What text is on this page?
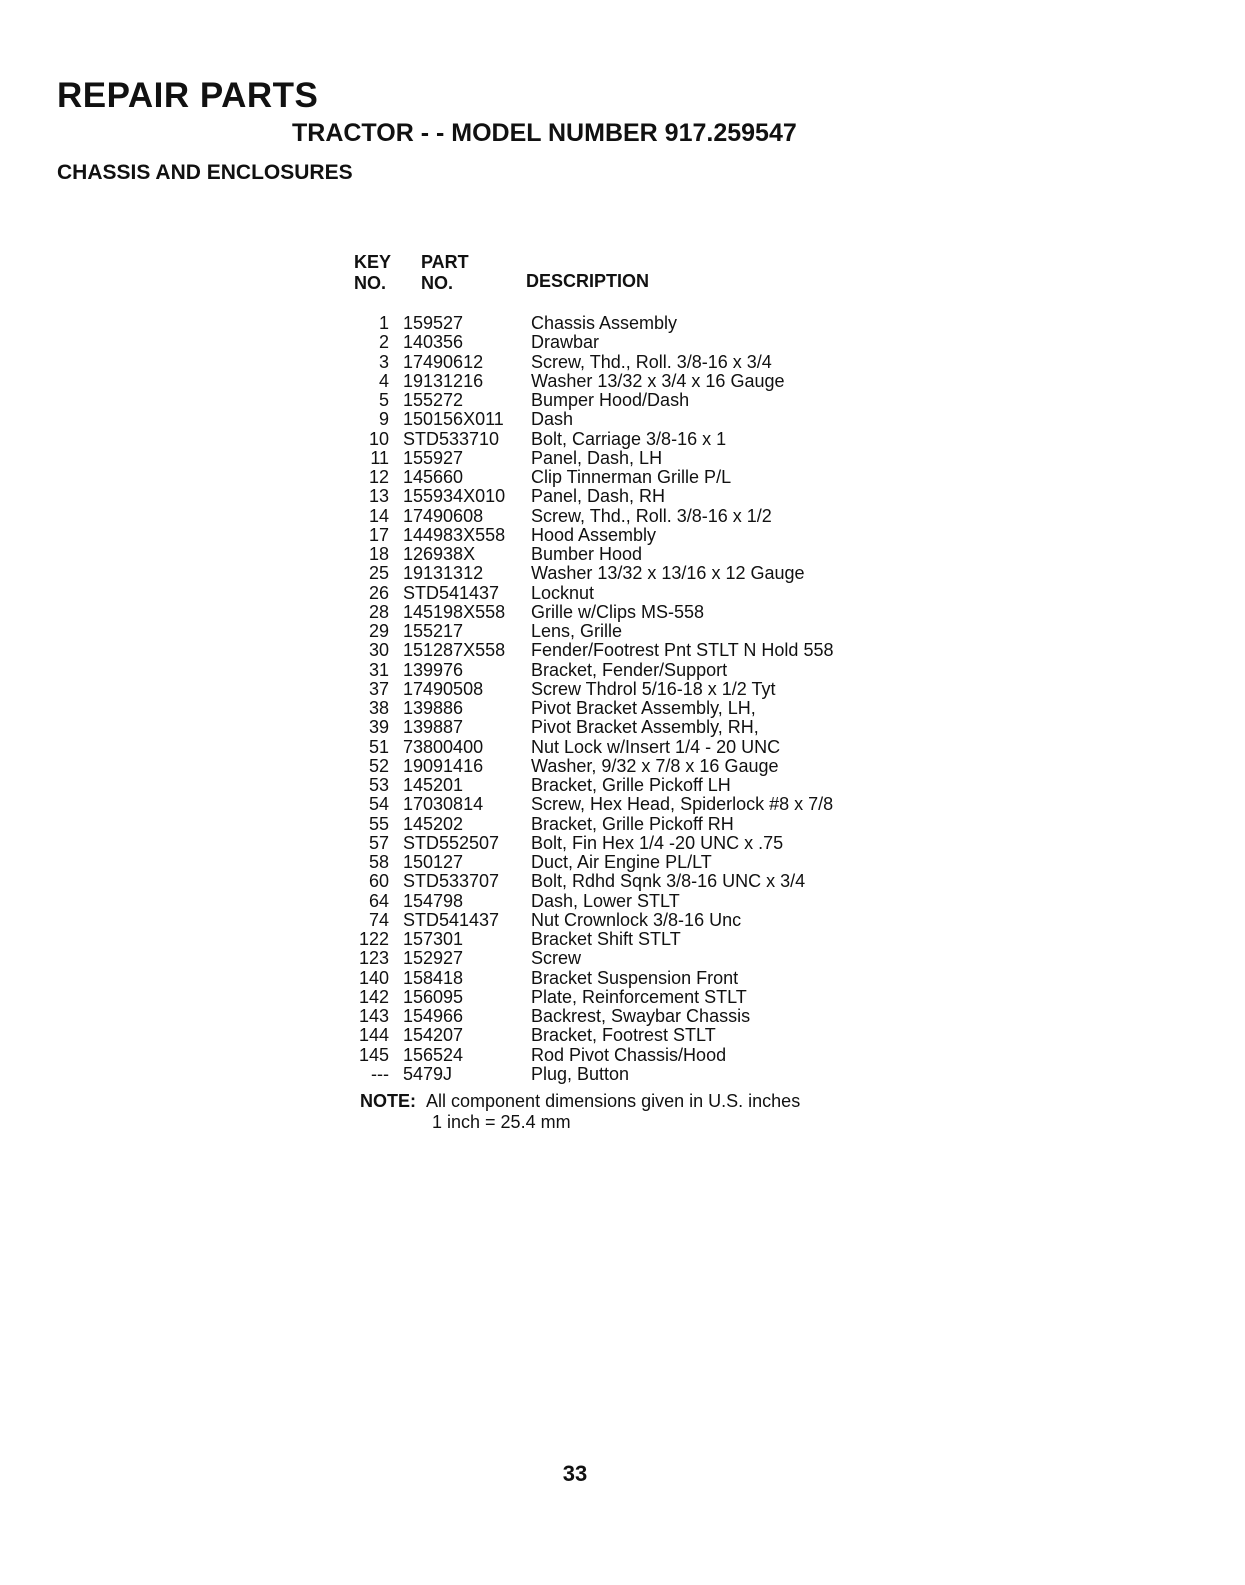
REPAIR PARTS
TRACTOR - - MODEL NUMBER 917.259547
CHASSIS AND ENCLOSURES
KEY
NO.
PART
NO.	DESCRIPTION
1 159527	Chassis Assembly
2 140356	Drawbar
3 17490612	Screw, Thd., Roll. 3/8-16 x 3/4
4 19131216	Washer 13/32 x 3/4 x 16 Gauge
5 155272	Bumper Hood/Dash
9 150156X011 Dash
10 STD533710 Bolt, Carriage 3/8-16 x 1
11 155927	Panel, Dash, LH
12 145660	Clip Tinnerman Grille P/L
13 155934X010 Panel, Dash, RH
14 17490608	Screw, Thd., Roll. 3/8-16 x 1/2
17 144983X558 Hood Assembly
18 126938X	Bumber Hood
25 19131312	Washer 13/32 x 13/16 x 12 Gauge
26 STD541437 Locknut
28 145198X558 Grille w/Clips MS-558
29 155217	Lens, Grille
30 151287X558 Fender/Footrest Pnt STLT N Hold 558
31 139976	Bracket, Fender/Support
37 17490508	Screw Thdrol 5/16-18 x 1/2 Tyt
38 139886	Pivot Bracket Assembly, LH,
39 139887	Pivot Bracket Assembly, RH,
51 73800400	Nut Lock w/Insert 1/4 - 20 UNC
52 19091416	Washer, 9/32 x 7/8 x 16 Gauge
53 145201	Bracket, Grille Pickoff LH
54 17030814	Screw, Hex Head, Spiderlock #8 x 7/8
55 145202	Bracket, Grille Pickoff RH
57 STD552507 Bolt, Fin Hex 1/4 -20 UNC x .75
58 150127	Duct, Air Engine PL/LT
60 STD533707 Bolt, Rdhd Sqnk 3/8-16 UNC x 3/4
64 154798	Dash, Lower STLT
74 STD541437 Nut Crownlock 3/8-16 Unc
122 157301	Bracket Shift STLT
123 152927	Screw
140 158418	Bracket Suspension Front
142 156095	Plate, Reinforcement STLT
143 154966	Backrest, Swaybar Chassis
144 154207	Bracket, Footrest STLT
145 156524	Rod Pivot Chassis/Hood
--- 5479J	Plug, Button
NOTE: All component dimensions given in U.S. inches
1 inch = 25.4 mm
33
